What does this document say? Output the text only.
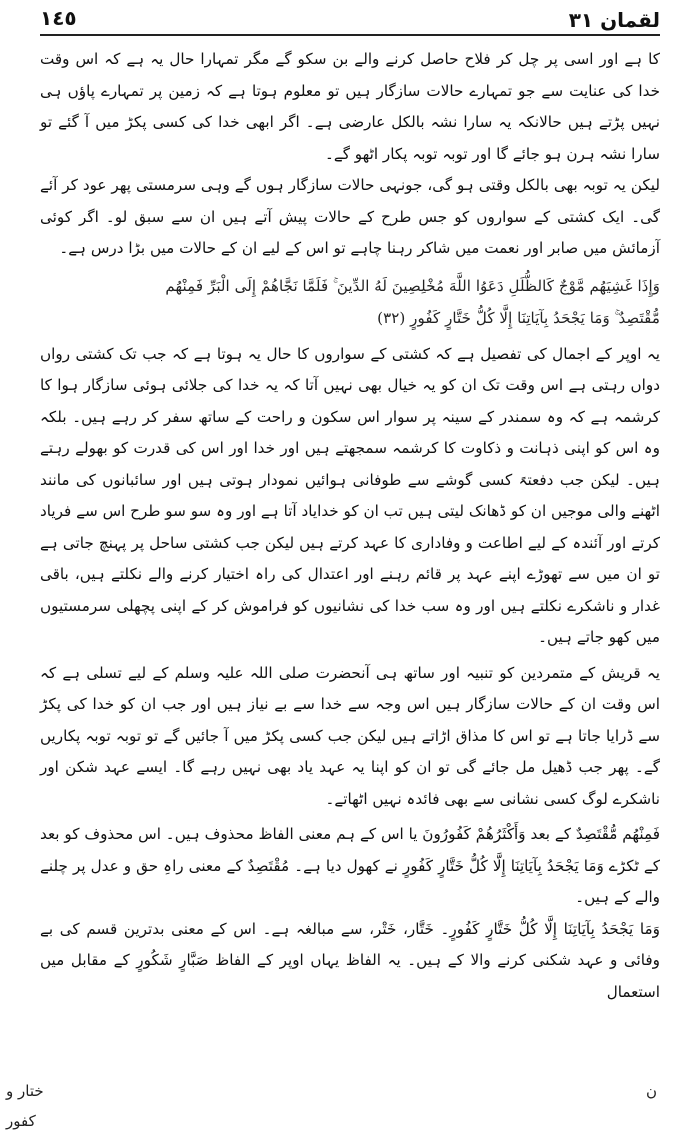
١٤٥	لقمان ٣١

کا ہے اور اسی پر چل کر فلاح حاصل کرنے والے بن سکو گے مگر تمہارا حال یہ ہے کہ اس وقت خدا کی عنایت سے جو تمہارے حالات سازگار ہیں تو معلوم ہوتا ہے کہ زمین پر تمہارے پاؤں ہی نہیں پڑتے ہیں حالانکہ یہ سارا نشہ بالکل عارضی ہے۔ اگر ابھی خدا کی کسی پکڑ میں آ گئے تو سارا نشہ ہرن ہو جائے گا اور توبہ توبہ پکار اٹھو گے۔

لیکن یہ توبہ بھی بالکل وقتی ہو گی، جونہی حالات سازگار ہوں گے وہی سرمستی پھر عود کر آئے گی۔ ایک کشتی کے سواروں کو جس طرح کے حالات پیش آتے ہیں ان سے سبق لو۔ اگر کوئی آزمائش میں صابر اور نعمت میں شاکر رہنا چاہے تو اس کے لیے ان کے حالات میں بڑا درس ہے۔

وَإِذَا غَشِيَهُم مَّوْجٌ كَالظُّلَلِ دَعَوُا اللَّهَ مُخْلِصِينَ لَهُ الدِّينَ ۚ فَلَمَّا نَجَّاهُمْ إِلَى الْبَرِّ فَمِنْهُم

مُّقْتَصِدٌ ۚ وَمَا يَجْحَدُ بِآيَاتِنَا إِلَّا كُلُّ خَتَّارٍ كَفُورٍ (٣٢)

یہ اوپر کے اجمال کی تفصیل ہے کہ کشتی کے سواروں کا حال یہ ہوتا ہے کہ جب تک کشتی رواں دواں رہتی ہے اس وقت تک ان کو یہ خیال بھی نہیں آتا کہ یہ خدا کی جلائی ہوئی سازگار ہوا کا کرشمہ ہے کہ وہ سمندر کے سینہ پر سوار اس سکون و راحت کے ساتھ سفر کر رہے ہیں۔ بلکہ وہ اس کو اپنی ذہانت و ذکاوت کا کرشمہ سمجھتے ہیں اور خدا اور اس کی قدرت کو بھولے رہتے ہیں۔ لیکن جب دفعتہً کسی گوشے سے طوفانی ہوائیں نمودار ہوتی ہیں اور سائبانوں کی مانند اٹھنے والی موجیں ان کو ڈھانک لیتی ہیں تب ان کو خدایاد آتا ہے اور وہ سو سو طرح اس سے فریاد کرتے اور آئندہ کے لیے اطاعت و وفاداری کا عہد کرتے ہیں لیکن جب کشتی ساحل پر پہنچ جاتی ہے تو ان میں سے تھوڑے اپنے عہد پر قائم رہنے اور اعتدال کی راہ اختیار کرنے والے نکلتے ہیں، باقی غدار و ناشکرے نکلتے ہیں اور وہ سب خدا کی نشانیوں کو فراموش کر کے اپنی پچھلی سرمستیوں میں کھو جاتے ہیں۔

یہ قریش کے متمردین کو تنبیہ اور ساتھ ہی آنحضرت صلی اللہ علیہ وسلم کے لیے تسلی ہے کہ اس وقت ان کے حالات سازگار ہیں اس وجہ سے خدا سے بے نیاز ہیں اور جب ان کو خدا کی پکڑ سے ڈرایا جاتا ہے تو اس کا مذاق اڑاتے ہیں لیکن جب کسی پکڑ میں آ جائیں گے تو توبہ توبہ پکاریں گے۔ پھر جب ڈھیل مل جائے گی تو ان کو اپنا یہ عہد یاد بھی نہیں رہے گا۔ ایسے عہد شکن اور ناشکرے لوگ کسی نشانی سے بھی فائدہ نہیں اٹھاتے۔

فَمِنْهُم مُّقْتَصِدٌ کے بعد وَأَكْثَرُهُمْ كَفُورُونَ یا اس کے ہم معنی الفاظ محذوف ہیں۔ اس محذوف کو بعد کے ٹکڑے وَمَا يَجْحَدُ بِآيَاتِنَا إِلَّا كُلُّ خَتَّارٍ كَفُورٍ نے کھول دیا ہے۔ مُقْتَصِدٌ کے معنی راہِ حق و عدل پر چلنے والے کے ہیں۔

وَمَا يَجْحَدُ بِآيَاتِنَا إِلَّا كُلُّ خَتَّارٍ كَفُورٍ۔ خَتَّار، خَتْر، سے مبالغہ ہے۔ اس کے معنی بدترین قسم کی بے وفائی و عہد شکنی کرنے والا کے ہیں۔ یہ الفاظ یہاں اوپر کے الفاظ صَبَّارٍ شَكُورٍ کے مقابل میں استعمال

ختار و
کفور
ن
